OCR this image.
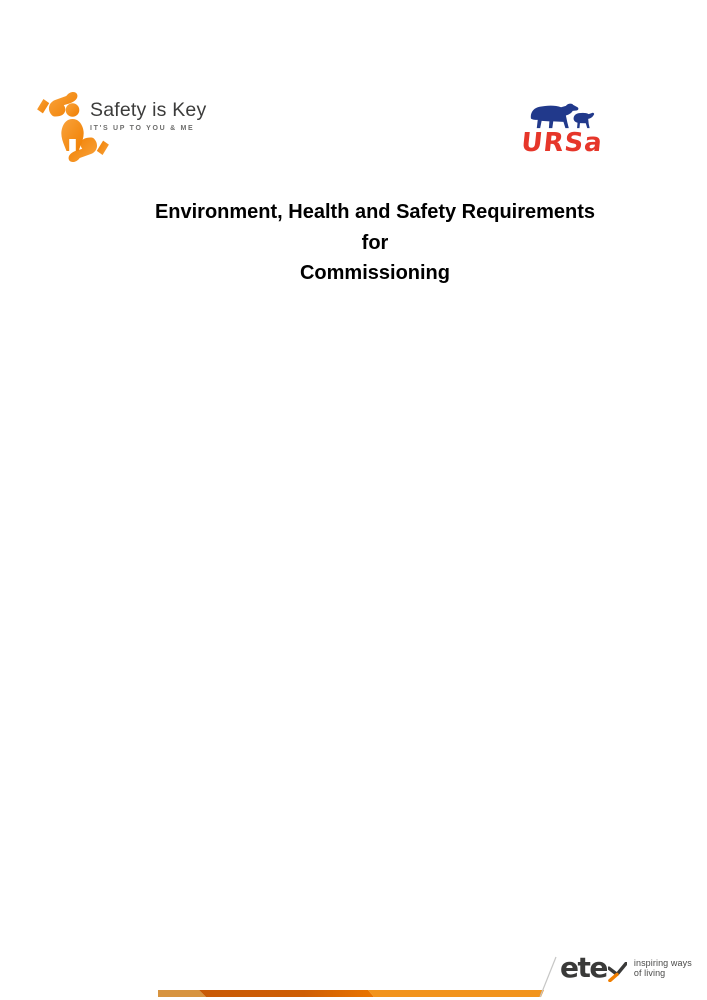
Safety is Key
IT'S UP TO YOU & ME	URSa
Environment, Health and Safety Requirements
for
Commissioning
ete	inspiring ways
of living
